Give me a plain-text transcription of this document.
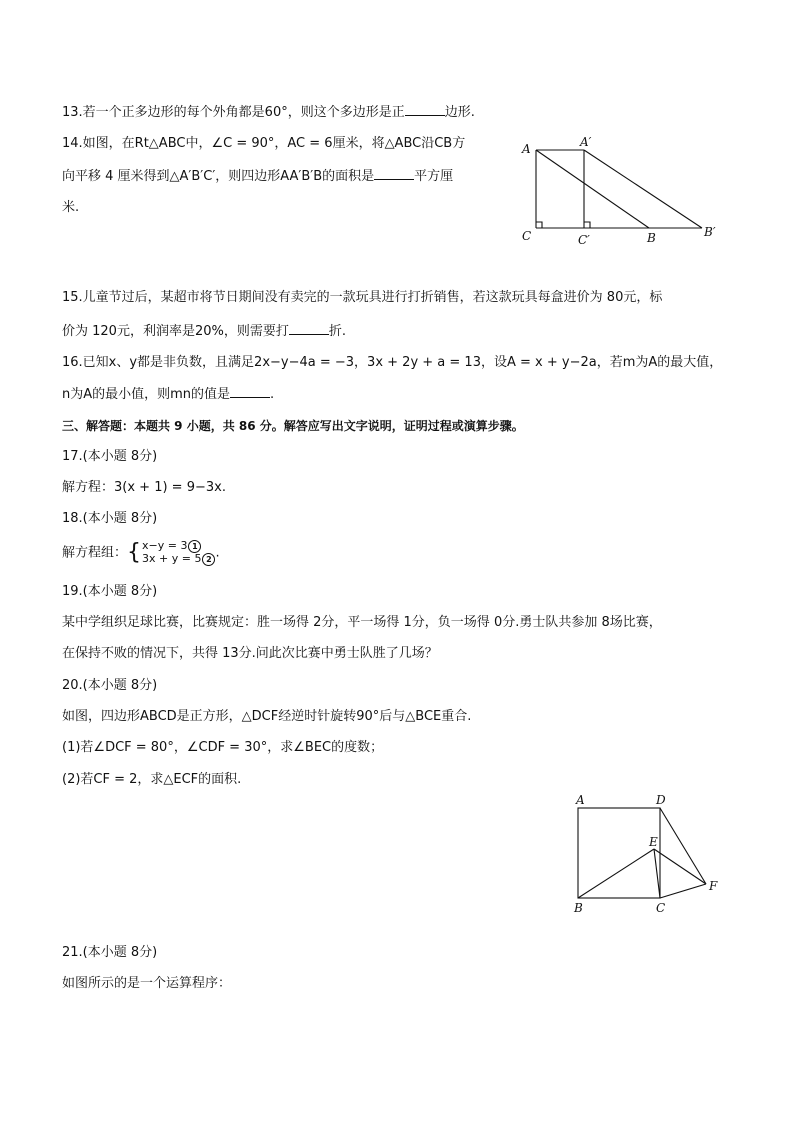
13.若一个正多边形的每个外角都是60°，则这个多边形是正	边形.
14.如图，在Rt△ABC中，∠C = 90°，AC = 6厘米，将△ABC沿CB方
向平移 4 厘米得到△A′B′C′，则四边形AA′B′B的面积是	平方厘
米.
A	A′
C	C′	B	B′
15.儿童节过后，某超市将节日期间没有卖完的一款玩具进行打折销售，若这款玩具每盒进价为 80元，标
价为 120元，利润率是20%，则需要打	折.
16.已知x、y都是非负数，且满足2x−y−4a = −3，3x + 2y + a = 13，设A = x + y−2a，若m为A的最大值，
n为A的最小值，则mn的值是	.
三、解答题：本题共 9 小题，共 86 分。解答应写出文字说明，证明过程或演算步骤。
17.(本小题 8分)
解方程：3(x + 1) = 9−3x.
18.(本小题 8分)
解方程组： { x−y = 3 1
3x + y = 5 2 .
19.(本小题 8分)
某中学组织足球比赛，比赛规定：胜一场得 2分，平一场得 1分，负一场得 0分.勇士队共参加 8场比赛，
在保持不败的情况下，共得 13分.问此次比赛中勇士队胜了几场？
20.(本小题 8分)
如图，四边形ABCD是正方形，△DCF经逆时针旋转90°后与△BCE重合.
(1)若∠DCF = 80°，∠CDF = 30°，求∠BEC的度数；
(2)若CF = 2，求△ECF的面积.
A	D
E
F
B	C
21.(本小题 8分)
如图所示的是一个运算程序：
